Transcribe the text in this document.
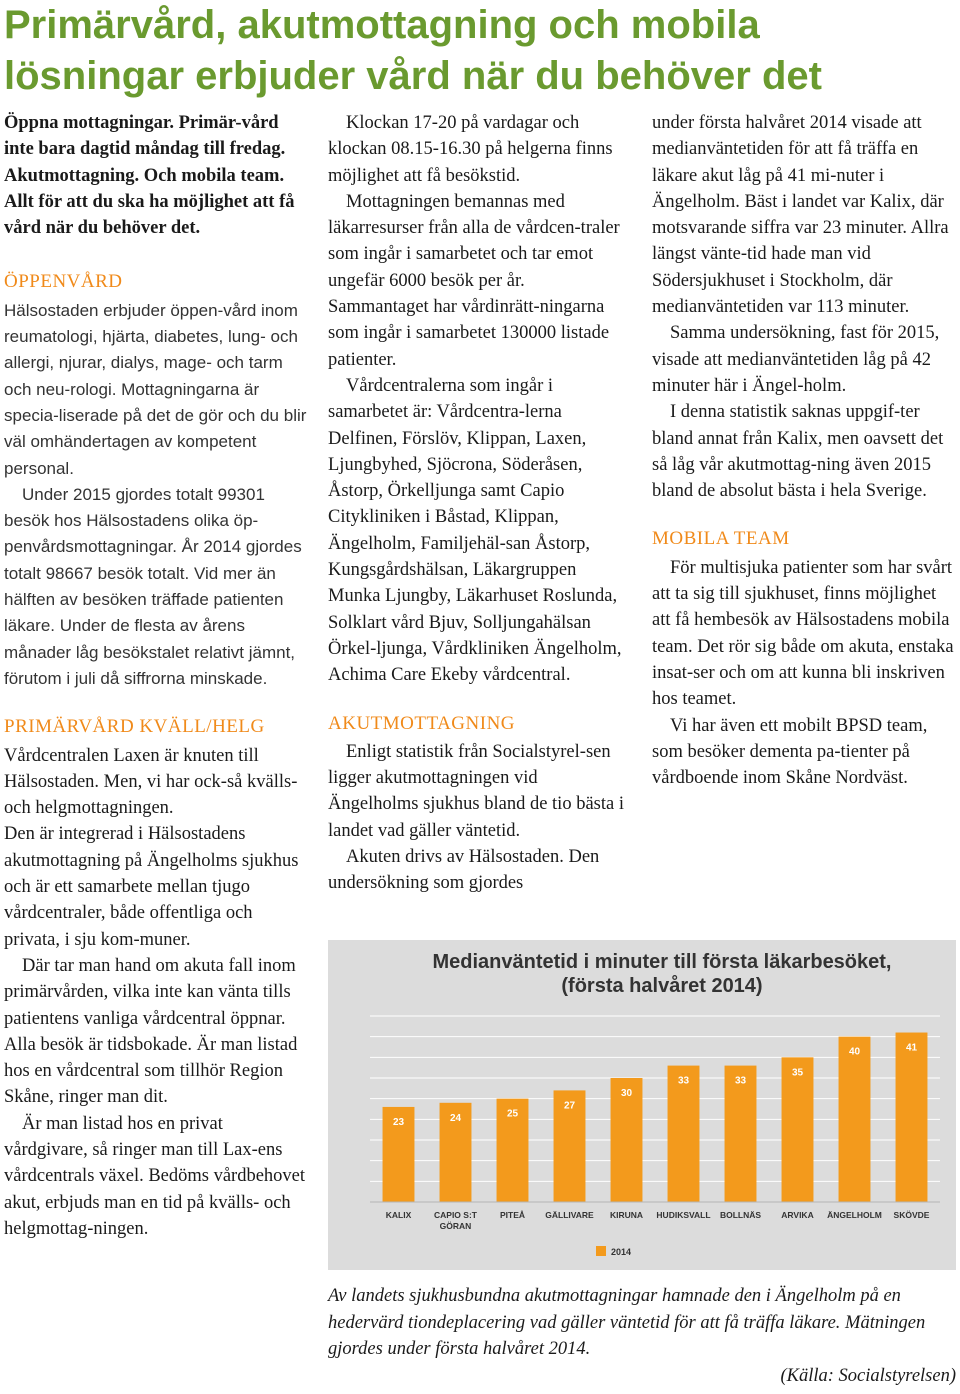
Primärvård, akutmottagning och mobila
lösningar erbjuder vård när du behöver det

Öppna mottagningar. Primär-vård inte bara dagtid måndag till fredag. Akutmottagning. Och mobila team. Allt för att du ska ha möjlighet att få vård när du behöver det.

ÖPPENVÅRD

Hälsostaden erbjuder öppen-vård inom reumatologi, hjärta, diabetes, lung- och allergi, njurar, dialys, mage- och tarm och neu-rologi. Mottagningarna är specia-liserade på det de gör och du blir väl omhändertagen av kompetent personal.

Under 2015 gjordes totalt 99301 besök hos Hälsostadens olika öp-penvårdsmottagningar. År 2014 gjordes totalt 98667 besök totalt. Vid mer än hälften av besöken träffade patienten läkare. Under de flesta av årens månader låg besökstalet relativt jämnt, förutom i juli då siffrorna minskade.

PRIMÄRVÅRD KVÄLL/HELG

Vårdcentralen Laxen är knuten till Hälsostaden. Men, vi har ock-så kvälls- och helgmottagningen.

Den är integrerad i Hälsostadens akutmottagning på Ängelholms sjukhus och är ett samarbete mellan tjugo vårdcentraler, både offentliga och privata, i sju kom-muner.

Där tar man hand om akuta fall inom primärvården, vilka inte kan vänta tills patientens vanliga vårdcentral öppnar. Alla besök är tidsbokade. Är man listad hos en vårdcentral som tillhör Region Skåne, ringer man dit.

Är man listad hos en privat vårdgivare, så ringer man till Lax-ens vårdcentrals växel. Bedöms vårdbehovet akut, erbjuds man en tid på kvälls- och helgmottag-ningen.

Klockan 17-20 på vardagar och klockan 08.15-16.30 på helgerna finns möjlighet att få besökstid.

Mottagningen bemannas med läkarresurser från alla de vårdcen-traler som ingår i samarbetet och tar emot ungefär 6000 besök per år. Sammantaget har vårdinrätt-ningarna som ingår i samarbetet 130000 listade patienter.

Vårdcentralerna som ingår i samarbetet är: Vårdcentra-lerna Delfinen, Förslöv, Klippan, Laxen, Ljungbyhed, Sjöcrona, Söderåsen, Åstorp, Örkelljunga samt Capio Citykliniken i Båstad, Klippan, Ängelholm, Familjehäl-san Åstorp, Kungsgårdshälsan, Läkargruppen Munka Ljungby, Läkarhuset Roslunda, Solklart vård Bjuv, Solljungahälsan Örkel-ljunga, Vårdkliniken Ängelholm, Achima Care Ekeby vårdcentral.

AKUTMOTTAGNING

Enligt statistik från Socialstyrel-sen ligger akutmottagningen vid Ängelholms sjukhus bland de tio bästa i landet vad gäller väntetid.

Akuten drivs av Hälsostaden. Den undersökning som gjordes

under första halvåret 2014 visade att medianväntetiden för att få träffa en läkare akut låg på 41 mi-nuter i Ängelholm. Bäst i landet var Kalix, där motsvarande siffra var 23 minuter. Allra längst vänte-tid hade man vid Södersjukhuset i Stockholm, där medianväntetiden var 113 minuter.

Samma undersökning, fast för 2015, visade att medianväntetiden låg på 42 minuter här i Ängel-holm.

I denna statistik saknas uppgif-ter bland annat från Kalix, men oavsett det så låg vår akutmottag-ning även 2015 bland de absolut bästa i hela Sverige.

MOBILA TEAM

För multisjuka patienter som har svårt att ta sig till sjukhuset, finns möjlighet att få hembesök av Hälsostadens mobila team. Det rör sig både om akuta, enstaka insat-ser och om att kunna bli inskriven hos teamet.

Vi har även ett mobilt BPSD team, som besöker dementa pa-tienter på vårdboende inom Skåne Nordväst.

Medianväntetid i minuter till första läkarbesöket,
(första halvåret 2014)
23
KALIX
24
CAPIO S:T
GÖRAN
25
PITEÅ
27
GÄLLIVARE
30
KIRUNA
33
HUDIKSVALL
33
BOLLNÄS
35
ARVIKA
40
ÄNGELHOLM
41
SKÖVDE
2014

Av landets sjukhusbundna akutmottagningar hamnade den i Ängelholm på en hedervärd tiondeplacering vad gäller väntetid för att få träffa läkare. Mätningen gjordes under första halvåret 2014.

(Källa: Socialstyrelsen)
